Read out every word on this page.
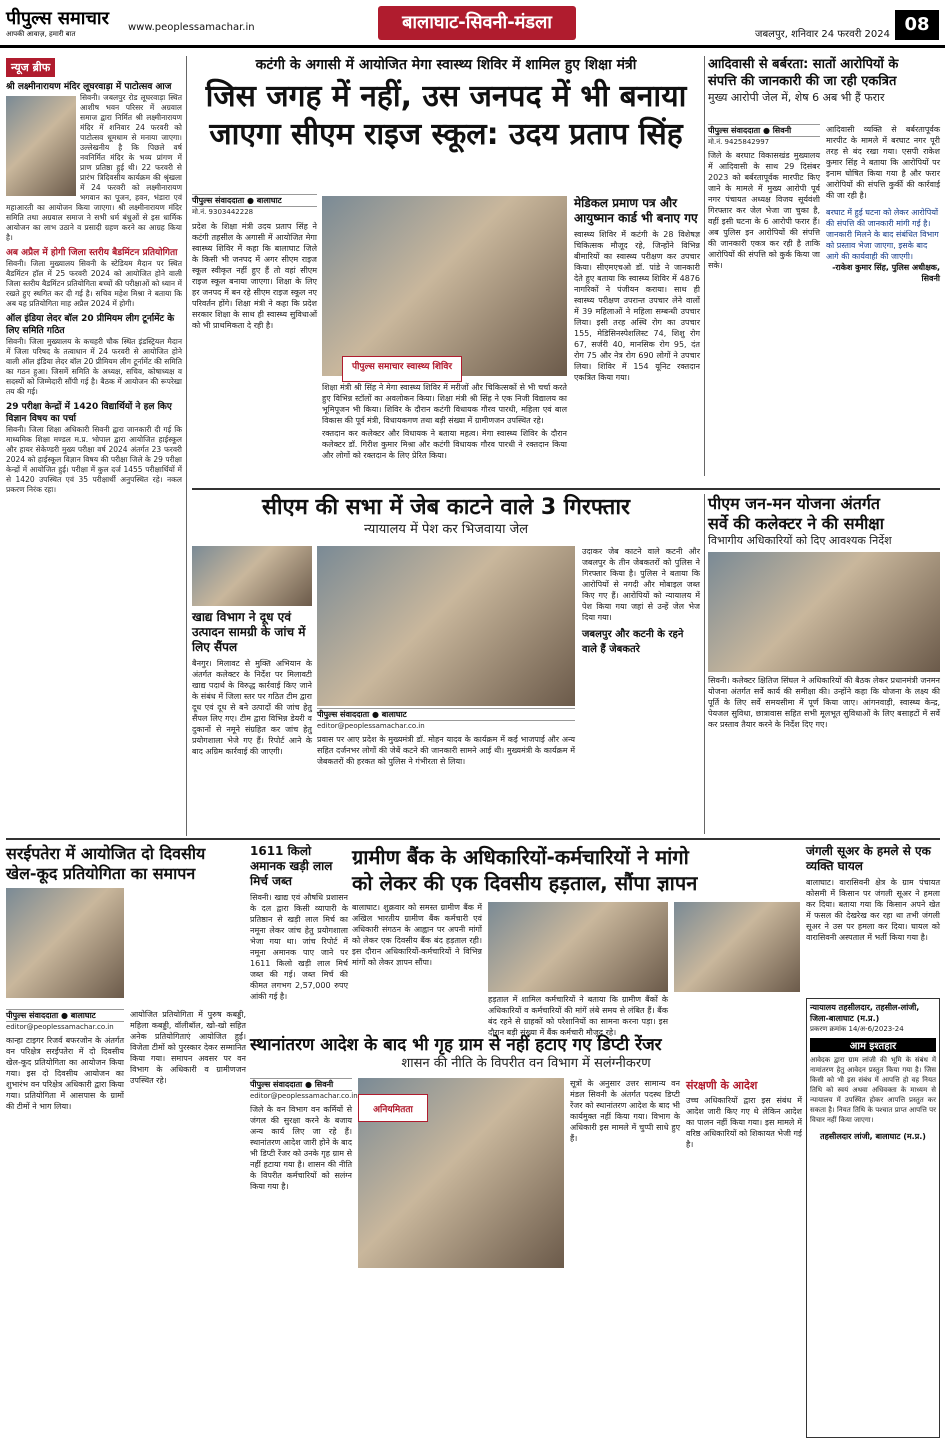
पीपुल्स समाचार
आपकी आवाज़, हमारी बात
www.peoplessamachar.in	बालाघाट-सिवनी-मंडला
जबलपुर, शनिवार 24 फरवरी 2024 08
न्यूज ब्रीफ
श्री लक्ष्मीनारायण मंदिर लूघरवाड़ा में पाटोत्सव आज
सिवनी। जबलपुर रोड लूघरवाड़ा स्थित आशीष भवन परिसर में अग्रवाल समाज द्वारा निर्मित श्री लक्ष्मीनारायण मंदिर में शनिवार 24 फरवरी को पाटोत्सव धूमधाम से मनाया जाएगा। उल्लेखनीय है कि पिछले वर्ष नवनिर्मित मंदिर के भव्य प्रांगण में प्राण प्रतिष्ठा हुई थी। 22 फरवरी से प्रारंभ त्रिदिवसीय कार्यक्रम की श्रृंखला में 24 फरवरी को लक्ष्मीनारायण भगवान का पूजन, हवन, भंडारा एवं महाआरती का आयोजन किया जाएगा। श्री लक्ष्मीनारायण मंदिर समिति तथा अग्रवाल समाज ने सभी धर्म बंधुओं से इस धार्मिक आयोजन का लाभ उठाने व प्रसादी ग्रहण करने का आग्रह किया है।
अब अप्रैल में होगी जिला स्तरीय बैडमिंटन प्रतियोगिता
सिवनी। जिला मुख्यालय सिवनी के स्टेडियम मैदान पर स्थित बैडमिंटन हॉल में 25 फरवरी 2024 को आयोजित होने वाली जिला स्तरीय बैडमिंटन प्रतियोगिता बच्चों की परीक्षाओं को ध्यान में रखते हुए स्थगित कर दी गई है। सचिव महेश मिश्रा ने बताया कि अब यह प्रतियोगिता माह अप्रैल 2024 में होगी।
ऑल इंडिया लेदर बॉल 20 प्रीमियम लीग टूर्नामेंट के लिए समिति गठित
सिवनी। जिला मुख्यालय के कचहरी चौक स्थित इंडस्ट्रियल मैदान में जिला परिषद के तत्वाधान में 24 फरवरी से आयोजित होने वाली ऑल इंडिया लेदर बॉल 20 प्रीमियम लीग टूर्नामेंट की समिति का गठन हुआ। जिसमें समिति के अध्यक्ष, सचिव, कोषाध्यक्ष व सदस्यों को जिम्मेदारी सौंपी गई है। बैठक में आयोजन की रूपरेखा तय की गई।
29 परीक्षा केन्द्रों में 1420 विद्यार्थियों ने हल किए विज्ञान विषय का पर्चा
सिवनी। जिला शिक्षा अधिकारी सिवनी द्वारा जानकारी दी गई कि माध्यमिक शिक्षा मण्डल म.प्र. भोपाल द्वारा आयोजित हाईस्कूल और हायर सेकेण्डरी मुख्य परीक्षा वर्ष 2024 अंतर्गत 23 फरवरी 2024 को हाईस्कूल विज्ञान विषय की परीक्षा जिले के 29 परीक्षा केन्द्रों में आयोजित हुई। परीक्षा में कुल दर्ज 1455 परीक्षार्थियों में से 1420 उपस्थित एवं 35 परीक्षार्थी अनुपस्थित रहे। नकल प्रकरण निरंक रहा।
कटंगी के अगासी में आयोजित मेगा स्वास्थ्य शिविर में शामिल हुए शिक्षा मंत्री
जिस जगह में नहीं, उस जनपद में भी बनाया
जाएगा सीएम राइज स्कूल: उदय प्रताप सिंह
पीपुल्स संवाददाता ● बालाघाट
मो.नं. 9303442228
प्रदेश के शिक्षा मंत्री उदय प्रताप सिंह ने कटंगी तहसील के अगासी में आयोजित मेगा स्वास्थ्य शिविर में कहा कि बालाघाट जिले के किसी भी जनपद में अगर सीएम राइज स्कूल स्वीकृत नहीं हुए हैं तो वहां सीएम राइज स्कूल बनाया जाएगा। शिक्षा के लिए हर जनपद में बन रहे सीएम राइज स्कूल नए परिवर्तन होंगे। शिक्षा मंत्री ने कहा कि प्रदेश सरकार शिक्षा के साथ ही स्वास्थ्य सुविधाओं को भी प्राथमिकता दे रही है।
पीपुल्स समाचार स्वास्थ्य शिविर
शिक्षा मंत्री श्री सिंह ने मेगा स्वास्थ्य शिविर में मरीजों और चिकित्सकों से भी चर्चा करते हुए विभिन्न स्टॉलों का अवलोकन किया। शिक्षा मंत्री श्री सिंह ने एक निजी विद्यालय का भूमिपूजन भी किया। शिविर के दौरान कटंगी विधायक गौरव पारधी, महिला एवं बाल विकास की पूर्व मंत्री, विधायकगण तथा बड़ी संख्या में ग्रामीणजन उपस्थित रहे।
रक्तदान कर कलेक्टर और विधायक ने बताया महत्व। मेगा स्वास्थ्य शिविर के दौरान कलेक्टर डॉ. गिरीश कुमार मिश्रा और कटंगी विधायक गौरव पारधी ने रक्तदान किया और लोगों को रक्तदान के लिए प्रेरित किया।
मेडिकल प्रमाण पत्र और आयुष्मान कार्ड भी बनाए गए
स्वास्थ्य शिविर में कटंगी के 28 विशेषज्ञ चिकित्सक मौजूद रहे, जिन्होंने विभिन्न बीमारियों का स्वास्थ्य परीक्षण कर उपचार किया। सीएमएचओ डॉ. पांडे ने जानकारी देते हुए बताया कि स्वास्थ्य शिविर में 4876 नागरिकों ने पंजीयन कराया। साथ ही स्वास्थ्य परीक्षण उपरान्त उपचार लेने वालों में 39 महिलाओं ने महिला सम्बन्धी उपचार लिया। इसी तरह अस्थि रोग का उपचार 155, मेडिसिनस्पेशलिस्ट 74, शिशु रोग 67, सर्जरी 40, मानसिक रोग 95, दंत रोग 75 और नेत्र रोग 690 लोगों ने उपचार लिया। शिविर में 154 यूनिट रक्तदान एकत्रित किया गया।
आदिवासी से बर्बरता: सातों आरोपियों के
संपत्ति की जानकारी की जा रही एकत्रित
मुख्य आरोपी जेल में, शेष 6 अब भी हैं फरार
पीपुल्स संवाददाता ● सिवनी
मो.नं. 9425842997
जिले के बरघाट विकासखंड मुख्यालय में आदिवासी के साथ 29 दिसंबर 2023 को बर्बरतापूर्वक मारपीट किए जाने के मामले में मुख्य आरोपी पूर्व नगर पंचायत अध्यक्ष विजय सूर्यवंशी गिरफ्तार कर जेल भेजा जा चुका है, वहीं इसी घटना के 6 आरोपी फरार हैं। अब पुलिस इन आरोपियों की संपत्ति की जानकारी एकत्र कर रही है ताकि आरोपियों की संपत्ति को कुर्क किया जा सके।
आदिवासी व्यक्ति से बर्बरतापूर्वक मारपीट के मामले में बरघाट नगर पूरी तरह से बंद रखा गया। एसपी राकेश कुमार सिंह ने बताया कि आरोपियों पर इनाम घोषित किया गया है और फरार आरोपियों की संपत्ति कुर्की की कार्रवाई की जा रही है।
बरघाट में हुई घटना को लेकर आरोपियों की संपत्ति की जानकारी मांगी गई है। जानकारी मिलने के बाद संबंधित विभाग को प्रस्ताव भेजा जाएगा, इसके बाद आगे की कार्यवाही की जाएगी।
-राकेश कुमार सिंह, पुलिस अधीक्षक, सिवनी
सीएम की सभा में जेब काटने वाले 3 गिरफ्तार
न्यायालय में पेश कर भिजवाया जेल
पीपुल्स संवाददाता ● बालाघाट
editor@peoplessamachar.co.in
प्रवास पर आए प्रदेश के मुख्यमंत्री डॉ. मोहन यादव के कार्यक्रम में कई भाजपाई और अन्य सहित दर्जनभर लोगों की जेबें कटने की जानकारी सामने आई थी। मुख्यमंत्री के कार्यक्रम में जेबकतरों की हरकत को पुलिस ने गंभीरता से लिया।
उदाकर जेब काटने वाले कटनी और जबलपुर के तीन जेबकतरों को पुलिस ने गिरफ्तार किया है। पुलिस ने बताया कि आरोपियों से नगदी और मोबाइल जब्त किए गए हैं। आरोपियों को न्यायालय में पेश किया गया जहां से उन्हें जेल भेज दिया गया।
जबलपुर और कटनी के रहने वाले हैं जेबकतरे
खाद्य विभाग ने दूध एवं उत्पादन सामग्री के जांच में लिए सैंपल
बैनगुर। मिलावट से मुक्ति अभियान के अंतर्गत कलेक्टर के निर्देश पर मिलावटी खाद्य पदार्थ के विरुद्ध कार्रवाई किए जाने के संबंध में जिला स्तर पर गठित टीम द्वारा दूध एवं दूध से बने उत्पादों की जांच हेतु सैंपल लिए गए। टीम द्वारा विभिन्न डेयरी व दुकानों से नमूने संग्रहित कर जांच हेतु प्रयोगशाला भेजे गए हैं। रिपोर्ट आने के बाद अग्रिम कार्रवाई की जाएगी।
पीएम जन-मन योजना अंतर्गत
सर्वे की कलेक्टर ने की समीक्षा
विभागीय अधिकारियों को दिए आवश्यक निर्देश
सिवनी। कलेक्टर क्षितिज सिंघल ने अधिकारियों की बैठक लेकर प्रधानमंत्री जनमन योजना अंतर्गत सर्वे कार्य की समीक्षा की। उन्होंने कहा कि योजना के लक्ष्य की पूर्ति के लिए सर्वे समयसीमा में पूर्ण किया जाए। आंगनवाड़ी, स्वास्थ्य केन्द्र, पेयजल सुविधा, छात्रावास सहित सभी मूलभूत सुविधाओं के लिए बसाहटों में सर्वे कर प्रस्ताव तैयार करने के निर्देश दिए गए।
सरईपतेरा में आयोजित दो दिवसीय
खेल-कूद प्रतियोगिता का समापन
पीपुल्स संवाददाता ● बालाघाट
editor@peoplessamachar.co.in
कान्हा टाइगर रिजर्व बफरजोन के अंतर्गत वन परिक्षेत्र सरईपतेरा में दो दिवसीय खेल-कूद प्रतियोगिता का आयोजन किया गया। इस दो दिवसीय आयोजन का शुभारंभ वन परिक्षेत्र अधिकारी द्वारा किया गया। प्रतियोगिता में आसपास के ग्रामों की टीमों ने भाग लिया।
आयोजित प्रतियोगिता में पुरुष कबड्डी, महिला कबड्डी, वॉलीबॉल, खो-खो सहित अनेक प्रतियोगिताएं आयोजित हुईं। विजेता टीमों को पुरस्कार देकर सम्मानित किया गया। समापन अवसर पर वन विभाग के अधिकारी व ग्रामीणजन उपस्थित रहे।
1611 किलो अमानक खड़ी लाल मिर्च जब्त
सिवनी। खाद्य एवं औषधि प्रशासन के दल द्वारा किसी व्यापारी के प्रतिष्ठान से खड़ी लाल मिर्च का नमूना लेकर जांच हेतु प्रयोगशाला भेजा गया था। जांच रिपोर्ट में नमूना अमानक पाए जाने पर 1611 किलो खड़ी लाल मिर्च जब्त की गई। जब्त मिर्च की कीमत लगभग 2,57,000 रुपए आंकी गई है।
ग्रामीण बैंक के अधिकारियों-कर्मचारियों ने मांगो
को लेकर की एक दिवसीय हड़ताल, सौंपा ज्ञापन
बालाघाट। शुक्रवार को समस्त ग्रामीण बैंक में अखिल भारतीय ग्रामीण बैंक कर्मचारी एवं अधिकारी संगठन के आह्वान पर अपनी मांगों को लेकर एक दिवसीय बैंक बंद हड़ताल रही। इस दौरान अधिकारियों-कर्मचारियों ने विभिन्न मांगों को लेकर ज्ञापन सौंपा।
हड़ताल में शामिल कर्मचारियों ने बताया कि ग्रामीण बैंकों के अधिकारियों व कर्मचारियों की मांगें लंबे समय से लंबित हैं। बैंक बंद रहने से ग्राहकों को परेशानियों का सामना करना पड़ा। इस दौरान बड़ी संख्या में बैंक कर्मचारी मौजूद रहे।
जंगली सूअर के हमले से एक व्यक्ति घायल
बालाघाट। वारासिवनी क्षेत्र के ग्राम पंचायत कोसमी में किसान पर जंगली सूअर ने हमला कर दिया। बताया गया कि किसान अपने खेत में फसल की देखरेख कर रहा था तभी जंगली सूअर ने उस पर हमला कर दिया। घायल को वारासिवनी अस्पताल में भर्ती किया गया है।
न्यायालय तहसीलदार, तहसील-लांजी, जिला-बालाघाट (म.प्र.)
प्रकरण क्रमांक 14/अ-6/2023-24
आम इश्तहार
आवेदक द्वारा ग्राम लांजी की भूमि के संबंध में नामांतरण हेतु आवेदन प्रस्तुत किया गया है। जिस किसी को भी इस संबंध में आपत्ति हो वह नियत तिथि को स्वयं अथवा अधिवक्ता के माध्यम से न्यायालय में उपस्थित होकर आपत्ति प्रस्तुत कर सकता है। नियत तिथि के पश्चात प्राप्त आपत्ति पर विचार नहीं किया जाएगा।
तहसीलदार लांजी, बालाघाट (म.प्र.)
स्थानांतरण आदेश के बाद भी गृह ग्राम से नहीं हटाए गए डिप्टी रेंजर
शासन की नीति के विपरीत वन विभाग में सलंग्नीकरण
पीपुल्स संवाददाता ● सिवनी
editor@peoplessamachar.co.in
जिले के वन विभाग वन कर्मियों से जंगल की सुरक्षा करने के बजाय अन्य कार्य लिए जा रहे हैं। स्थानांतरण आदेश जारी होने के बाद भी डिप्टी रेंजर को उनके गृह ग्राम से नहीं हटाया गया है। शासन की नीति के विपरीत कर्मचारियों को सलंग्न किया गया है।
अनियमितता
सूत्रों के अनुसार उत्तर सामान्य वन मंडल सिवनी के अंतर्गत पदस्थ डिप्टी रेंजर को स्थानांतरण आदेश के बाद भी कार्यमुक्त नहीं किया गया। विभाग के अधिकारी इस मामले में चुप्पी साधे हुए हैं।
संरक्षणी के आदेश
उच्च अधिकारियों द्वारा इस संबंध में आदेश जारी किए गए थे लेकिन आदेश का पालन नहीं किया गया। इस मामले में वरिष्ठ अधिकारियों को शिकायत भेजी गई है।
